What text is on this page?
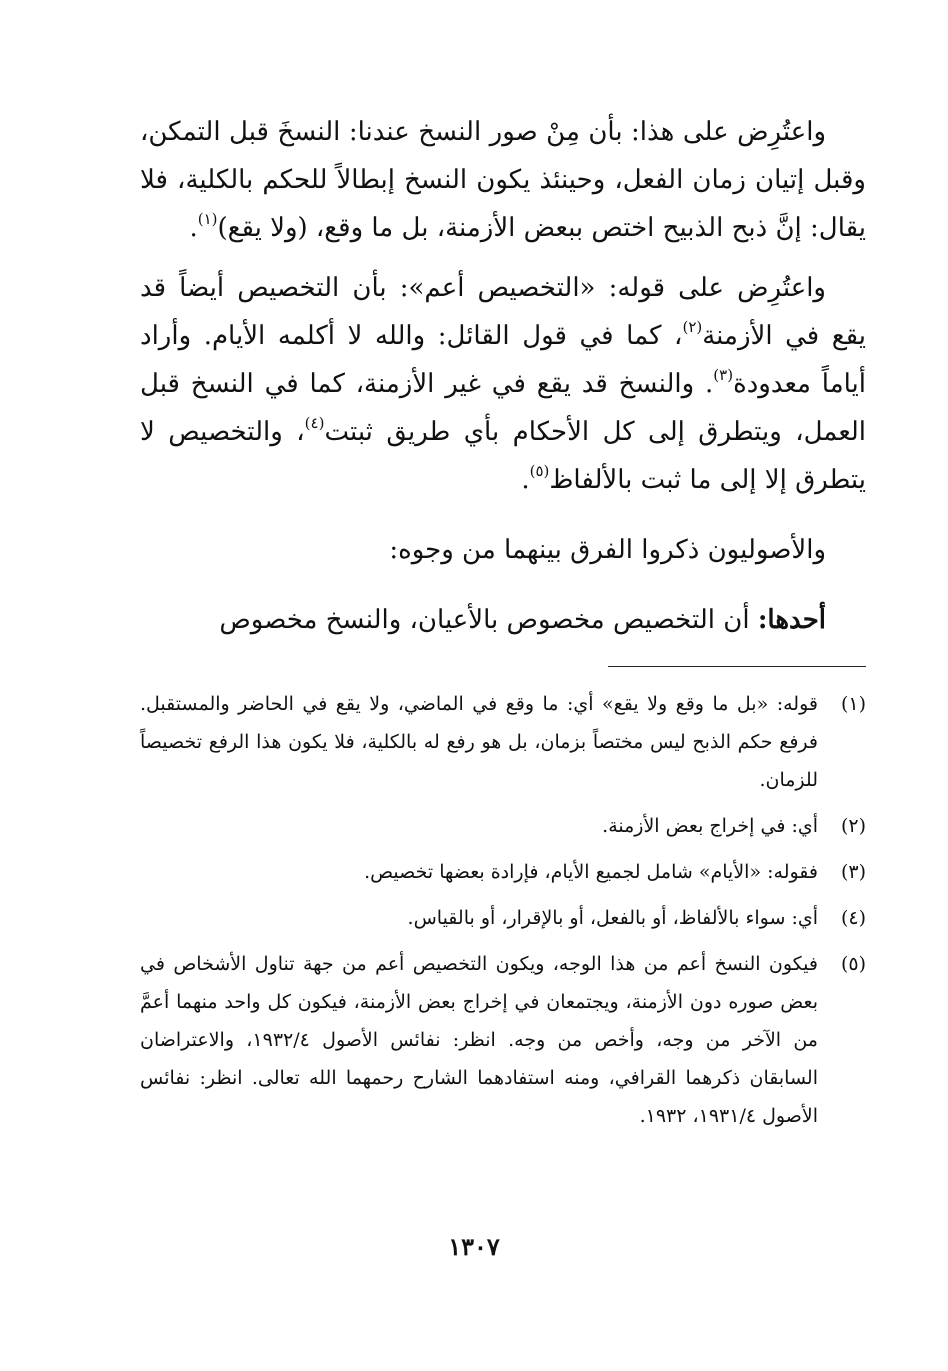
واعتُرِض على هذا: بأن مِنْ صور النسخ عندنا: النسخَ قبل التمكن، وقبل إتيان زمان الفعل، وحينئذ يكون النسخ إبطالاً للحكم بالكلية، فلا يقال: إنَّ ذبح الذبيح اختص ببعض الأزمنة، بل ما وقع، (ولا يقع)$^{(١)}$.

واعتُرِض على قوله: «التخصيص أعم»: بأن التخصيص أيضاً قد يقع في الأزمنة$^{(٢)}$، كما في قول القائل: والله لا أكلمه الأيام. وأراد أياماً معدودة$^{(٣)}$. والنسخ قد يقع في غير الأزمنة، كما في النسخ قبل العمل، ويتطرق إلى كل الأحكام بأي طريق ثبتت$^{(٤)}$، والتخصيص لا يتطرق إلا إلى ما ثبت بالألفاظ$^{(٥)}$.

والأصوليون ذكروا الفرق بينهما من وجوه:

أحدها: أن التخصيص مخصوص بالأعيان، والنسخ مخصوص

(١)
قوله: «بل ما وقع ولا يقع» أي: ما وقع في الماضي، ولا يقع في الحاضر والمستقبل. فرفع حكم الذبح ليس مختصاً بزمان، بل هو رفع له بالكلية، فلا يكون هذا الرفع تخصيصاً للزمان.
(٢)
أي: في إخراج بعض الأزمنة.
(٣)
فقوله: «الأيام» شامل لجميع الأيام، فإرادة بعضها تخصيص.
(٤)
أي: سواء بالألفاظ، أو بالفعل، أو بالإقرار، أو بالقياس.
(٥)
فيكون النسخ أعم من هذا الوجه، ويكون التخصيص أعم من جهة تناول الأشخاص في بعض صوره دون الأزمنة، ويجتمعان في إخراج بعض الأزمنة، فيكون كل واحد منهما أعمَّ من الآخر من وجه، وأخص من وجه. انظر: نفائس الأصول ١٩٣٢/٤، والاعتراضان السابقان ذكرهما القرافي، ومنه استفادهما الشارح رحمهما الله تعالى. انظر: نفائس الأصول ١٩٣١/٤، ١٩٣٢.
١٣٠٧
